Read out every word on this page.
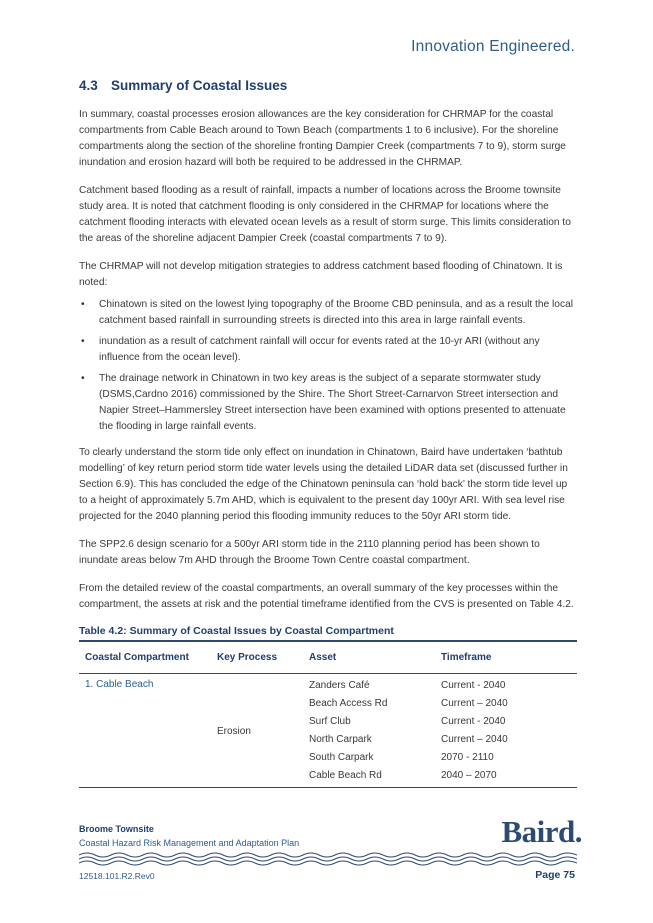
Innovation Engineered.
4.3 Summary of Coastal Issues

In summary, coastal processes erosion allowances are the key consideration for CHRMAP for the coastal compartments from Cable Beach around to Town Beach (compartments 1 to 6 inclusive). For the shoreline compartments along the section of the shoreline fronting Dampier Creek (compartments 7 to 9), storm surge inundation and erosion hazard will both be required to be addressed in the CHRMAP.

Catchment based flooding as a result of rainfall, impacts a number of locations across the Broome townsite study area. It is noted that catchment flooding is only considered in the CHRMAP for locations where the catchment flooding interacts with elevated ocean levels as a result of storm surge. This limits consideration to the areas of the shoreline adjacent Dampier Creek (coastal compartments 7 to 9).

The CHRMAP will not develop mitigation strategies to address catchment based flooding of Chinatown. It is noted:

• Chinatown is sited on the lowest lying topography of the Broome CBD peninsula, and as a result the local catchment based rainfall in surrounding streets is directed into this area in large rainfall events.
• inundation as a result of catchment rainfall will occur for events rated at the 10-yr ARI (without any influence from the ocean level).
• The drainage network in Chinatown in two key areas is the subject of a separate stormwater study (DSMS,Cardno 2016) commissioned by the Shire. The Short Street-Carnarvon Street intersection and Napier Street–Hammersley Street intersection have been examined with options presented to attenuate the flooding in large rainfall events.

To clearly understand the storm tide only effect on inundation in Chinatown, Baird have undertaken ‘bathtub modelling’ of key return period storm tide water levels using the detailed LiDAR data set (discussed further in Section 6.9). This has concluded the edge of the Chinatown peninsula can ‘hold back’ the storm tide level up to a height of approximately 5.7m AHD, which is equivalent to the present day 100yr ARI. With sea level rise projected for the 2040 planning period this flooding immunity reduces to the 50yr ARI storm tide.

The SPP2.6 design scenario for a 500yr ARI storm tide in the 2110 planning period has been shown to inundate areas below 7m AHD through the Broome Town Centre coastal compartment.

From the detailed review of the coastal compartments, an overall summary of the key processes within the compartment, the assets at risk and the potential timeframe identified from the CVS is presented on Table 4.2.

Table 4.2: Summary of Coastal Issues by Coastal Compartment
Coastal Compartment	Key Process	Asset	Timeframe
1. Cable Beach	Erosion	Zanders Café	Current - 2040
		Beach Access Rd	Current – 2040
		Surf Club	Current - 2040
		North Carpark	Current – 2040
		South Carpark	2070 - 2110
		Cable Beach Rd	2040 – 2070
Broome Townsite
Coastal Hazard Risk Management and Adaptation Plan	Baird.
12518.101.R2.Rev0	Page 75
